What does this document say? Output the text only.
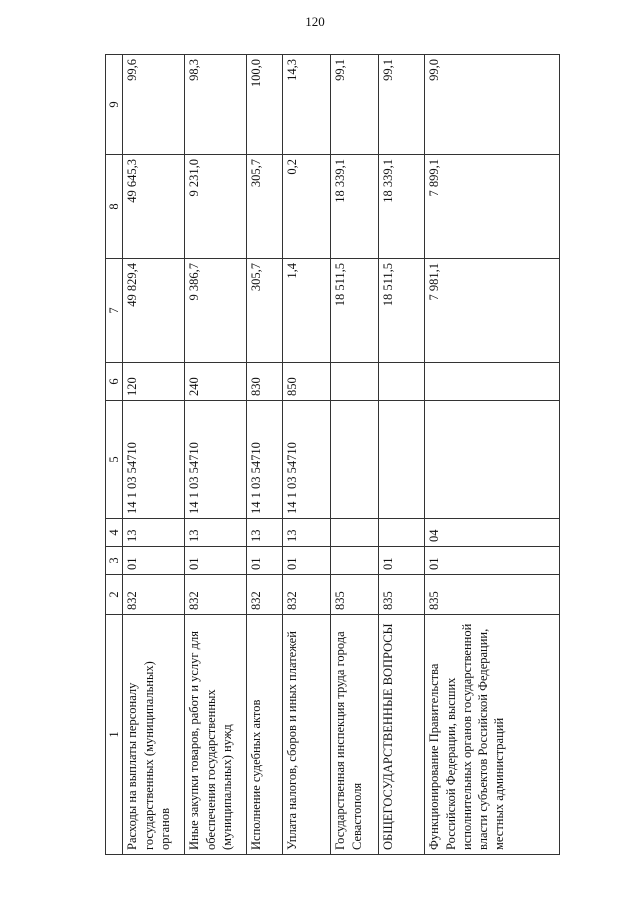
120
1	2	3	4	5	6	7	8	9
Расходы на выплаты персоналу государственных (муниципальных) органов	832	01	13	14 1 03 54710	120	49 829,4	49 645,3	99,6
Иные закупки товаров, работ и услуг для обеспечения государственных (муниципальных) нужд	832	01	13	14 1 03 54710	240	9 386,7	9 231,0	98,3
Исполнение судебных актов	832	01	13	14 1 03 54710	830	305,7	305,7	100,0
Уплата налогов, сборов и иных платежей	832	01	13	14 1 03 54710	850	1,4	0,2	14,3
Государственная инспекция труда города Севастополя	835					18 511,5	18 339,1	99,1
ОБЩЕГОСУДАРСТВЕННЫЕ ВОПРОСЫ	835	01				18 511,5	18 339,1	99,1
Функционирование Правительства Российской Федерации, высших исполнительных органов государственной власти субъектов Российской Федерации, местных администраций	835	01	04			7 981,1	7 899,1	99,0
